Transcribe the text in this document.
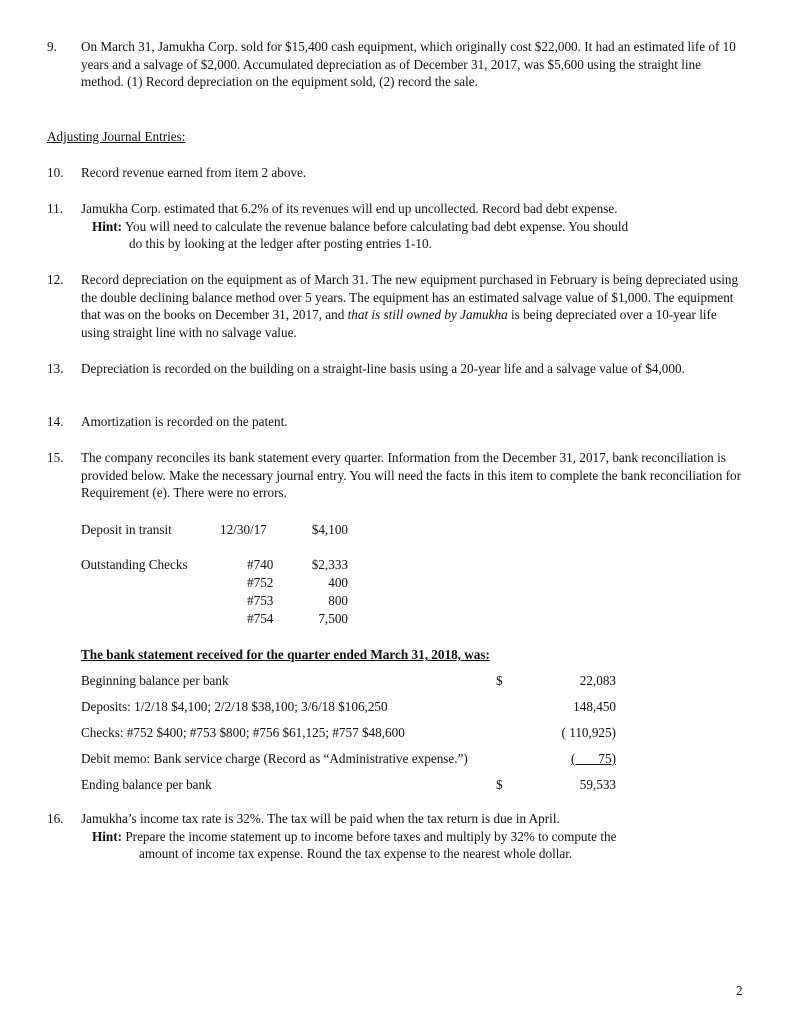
9. On March 31, Jamukha Corp. sold for $15,400 cash equipment, which originally cost $22,000. It had an estimated life of 10 years and a salvage of $2,000. Accumulated depreciation as of December 31, 2017, was $5,600 using the straight line method. (1) Record depreciation on the equipment sold, (2) record the sale.
Adjusting Journal Entries:
10. Record revenue earned from item 2 above.
11. Jamukha Corp. estimated that 6.2% of its revenues will end up uncollected. Record bad debt expense.
Hint: You will need to calculate the revenue balance before calculating bad debt expense. You should
do this by looking at the ledger after posting entries 1-10.
12. Record depreciation on the equipment as of March 31. The new equipment purchased in February is being depreciated using the double declining balance method over 5 years. The equipment has an estimated salvage value of $1,000. The equipment that was on the books on December 31, 2017, and that is still owned by Jamukha is being depreciated over a 10-year life using straight line with no salvage value.
13. Depreciation is recorded on the building on a straight-line basis using a 20-year life and a salvage value of $4,000.
14. Amortization is recorded on the patent.
15. The company reconciles its bank statement every quarter. Information from the December 31, 2017, bank reconciliation is provided below. Make the necessary journal entry. You will need the facts in this item to complete the bank reconciliation for Requirement (e). There were no errors.
Deposit in transit	12/30/17	$4,100
Outstanding Checks	#740	$2,333
#752	400
#753	800
#754	7,500
The bank statement received for the quarter ended March 31, 2018, was:
Beginning balance per bank	$	22,083
Deposits: 1/2/18 $4,100; 2/2/18 $38,100; 3/6/18 $106,250	148,450
Checks: #752 $400; #753 $800; #756 $61,125; #757 $48,600	( 110,925)
Debit memo: Bank service charge (Record as “Administrative expense.”)	(       75)
Ending balance per bank	$	59,533
16. Jamukha’s income tax rate is 32%. The tax will be paid when the tax return is due in April.
Hint: Prepare the income statement up to income before taxes and multiply by 32% to compute the
amount of income tax expense. Round the tax expense to the nearest whole dollar.
2
